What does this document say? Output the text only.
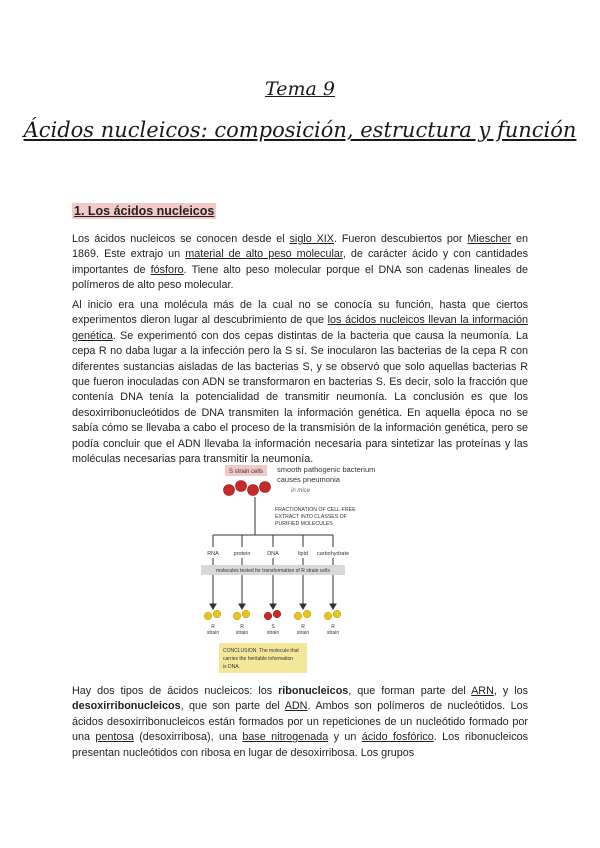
Tema 9
Ácidos nucleicos: composición, estructura y función
1. Los ácidos nucleicos

Los ácidos nucleicos se conocen desde el siglo XIX. Fueron descubiertos por Miescher en 1869. Este extrajo un material de alto peso molecular, de carácter ácido y con cantidades importantes de fósforo. Tiene alto peso molecular porque el DNA son cadenas lineales de polímeros de alto peso molecular.

Al inicio era una molécula más de la cual no se conocía su función, hasta que ciertos experimentos dieron lugar al descubrimiento de que los ácidos nucleicos llevan la información genética. Se experimentó con dos cepas distintas de la bacteria que causa la neumonía. La cepa R no daba lugar a la infección pero la S sí. Se inocularon las bacterias de la cepa R con diferentes sustancias aisladas de las bacterias S, y se observó que solo aquellas bacterias R que fueron inoculadas con ADN se transformaron en bacterias S. Es decir, solo la fracción que contenía DNA tenía la potencialidad de transmitir neumonía. La conclusión es que los desoxirribonucleótidos de DNA transmiten la información genética. En aquella época no se sabía cómo se llevaba a cabo el proceso de la transmisión de la información genética, pero se podía concluir que el ADN llevaba la información necesaria para sintetizar las proteínas y las moléculas necesarias para transmitir la neumonía.

S strain cells smooth pathogenic bacterium
causes pneumonia
in mice
FRACTIONATION OF CELL-FREE
EXTRACT INTO CLASSES OF
PURIFIED MOLECULES
RNA	protein	DNA	lipid carbohydrate
molecules tested for transformation of R strain cells
R
strain
R
strain
S
strain
R
strain
R
strain
CONCLUSION: The molecule that
carries the heritable information
is DNA.

Hay dos tipos de ácidos nucleicos: los ribonucleicos, que forman parte del ARN, y los desoxirribonucleicos, que son parte del ADN. Ambos son polímeros de nucleótidos. Los ácidos desoxirribonucleicos están formados por un repeticiones de un nucleótido formado por una pentosa (desoxirribosa), una base nitrogenada y un ácido fosfórico. Los ribonucleicos presentan nucleótidos con ribosa en lugar de desoxirribosa. Los grupos
